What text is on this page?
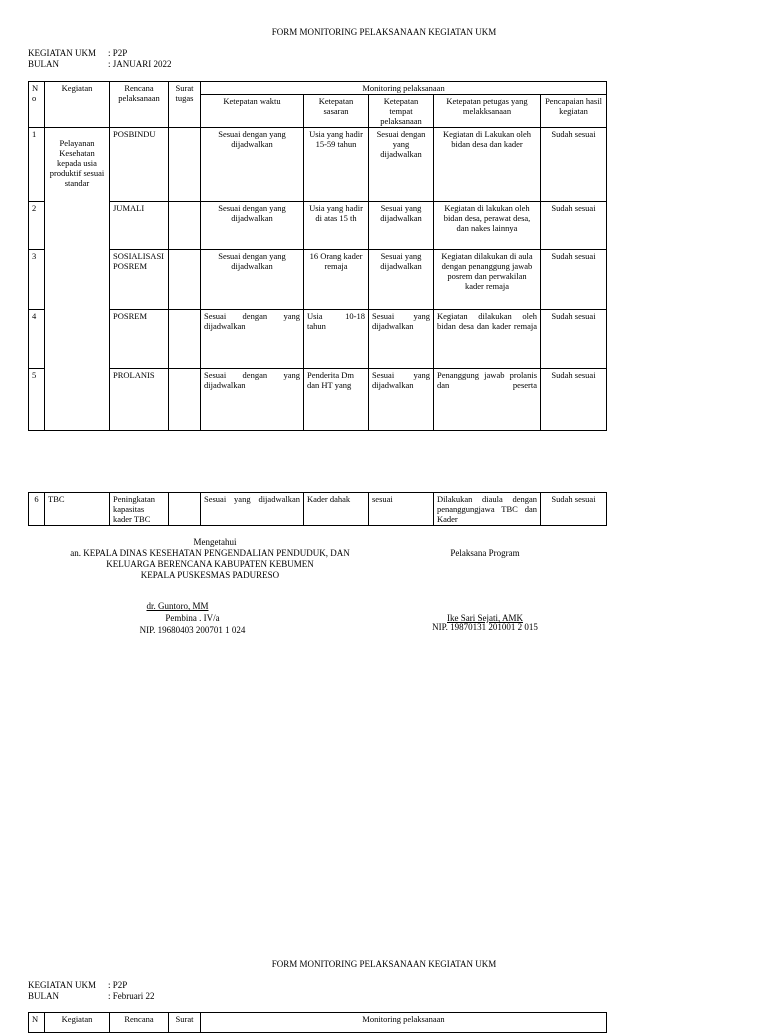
FORM MONITORING PELAKSANAAN KEGIATAN UKM
KEGIATAN UKM : P2P
BULAN	: JANUARI 2022
N o	Kegiatan	Rencana pelaksanaan	Surat tugas	Monitoring pelaksanaan				
				Ketepatan waktu	Ketepatan sasaran	Ketepatan tempat pelaksanaan	Ketepatan petugas yang melakksanaan	Pencapaian hasil kegiatan
1	Pelayanan Kesehatan kepada usia produktif sesuai standar	POSBINDU		Sesuai dengan yang dijadwalkan	Usia yang hadir 15-59 tahun	Sesuai dengan yang dijadwalkan	Kegiatan di Lakukan oleh bidan desa dan kader	Sudah sesuai
2		JUMALI		Sesuai dengan yang dijadwalkan	Usia yang hadir di atas 15 th	Sesuai yang dijadwalkan	Kegiatan di lakukan oleh bidan desa, perawat desa, dan nakes lainnya	Sudah sesuai
3		SOSIALISASI POSREM		Sesuai dengan yang dijadwalkan	16 Orang kader remaja	Sesuai yang dijadwalkan	Kegiatan dilakukan di aula dengan penanggung jawab posrem dan perwakilan kader remaja	Sudah sesuai
4		POSREM		Sesuai dengan yang dijadwalkan	Usia 10-18 tahun	Sesuai yang dijadwalkan	Kegiatan dilakukan oleh bidan desa dan kader remaja	Sudah sesuai
5		PROLANIS		Sesuai dengan yang dijadwalkan	Penderita Dm dan HT yang	Sesuai yang dijadwalkan	Penanggung jawab prolanis dan peserta	Sudah sesuai
6	TBC	Peningkatan kapasitas kader TBC		Sesuai yang dijadwalkan	Kader dahak	sesuai	Dilakukan diaula dengan penanggungjawa TBC dan Kader	Sudah sesuai
Mengetahui
an. KEPALA DINAS KESEHATAN PENGENDALIAN PENDUDUK, DAN
KELUARGA BERENCANA KABUPATEN KEBUMEN
KEPALA PUSKESMAS PADURESO
dr. Guntoro, MM
Pembina . IV/a
NIP. 19680403 200701 1 024
Pelaksana Program
Ike Sari Sejati, AMK
NIP. 19870131 201001 2 015
FORM MONITORING PELAKSANAAN KEGIATAN UKM
KEGIATAN UKM : P2P
BULAN	: Februari 22
N	Kegiatan	Rencana	Surat	Monitoring pelaksanaan
